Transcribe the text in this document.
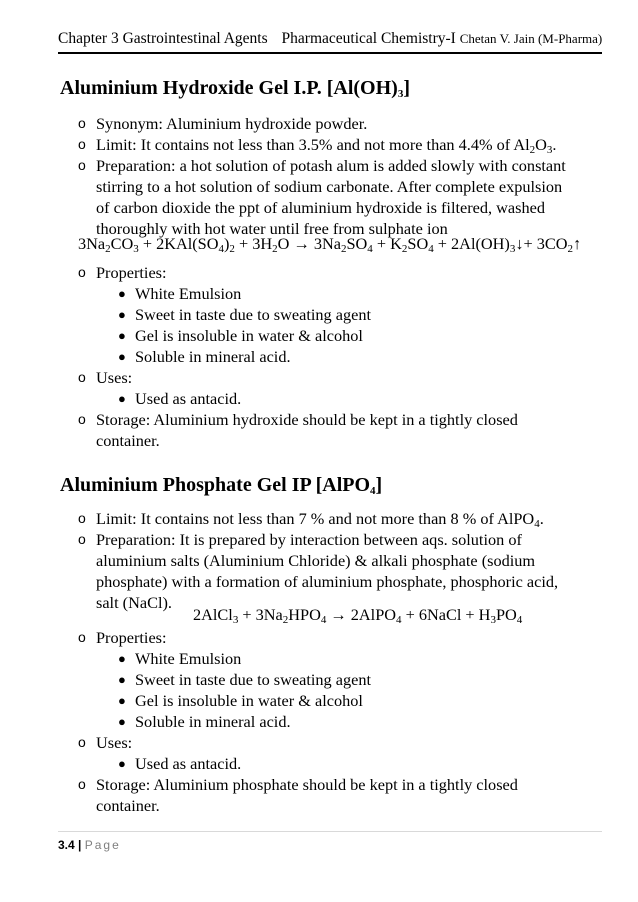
Chapter 3 Gastrointestinal Agents Pharmaceutical Chemistry-I Chetan V. Jain (M-Pharma)
Aluminium Hydroxide Gel I.P. $[Al(OH)_3]$
o Synonym: Aluminium hydroxide powder.
o Limit: It contains not less than 3.5% and not more than 4.4% of $Al_2O_3$.
o Preparation: a hot solution of potash alum is added slowly with constant
stirring to a hot solution of sodium carbonate. After complete expulsion
of carbon dioxide the ppt of aluminium hydroxide is filtered, washed
thoroughly with hot water until free from sulphate ion
$3Na_2CO_3 + 2KAl(SO_4)_2 + 3H_2O \to 3Na_2SO_4 + K_2SO_4$ + $2Al(OH)_3↓+$ $3CO_2↑$
o Properties:
● White Emulsion
● Sweet in taste due to sweating agent
● Gel is insoluble in water & alcohol
● Soluble in mineral acid.
o Uses:
● Used as antacid.
o Storage: Aluminium hydroxide should be kept in a tightly closed
container.
Aluminium Phosphate Gel IP [AlPO$_4$]
o Limit: It contains not less than 7 % and not more than 8 % of AlPO$_4$.
o Preparation: It is prepared by interaction between aqs. solution of
aluminium salts (Aluminium Chloride) & alkali phosphate (sodium
phosphate) with a formation of aluminium phosphate, phosphoric acid,
salt (NaCl).
2AlCl$_3$ + $3Na_2HPO_4$ → 2AlPO$_4$ + 6NaCl + $H_3PO_4$
o Properties:
● White Emulsion
● Sweet in taste due to sweating agent
● Gel is insoluble in water & alcohol
● Soluble in mineral acid.
o Uses:
● Used as antacid.
o Storage: Aluminium phosphate should be kept in a tightly closed
container.
3.4 | Page
